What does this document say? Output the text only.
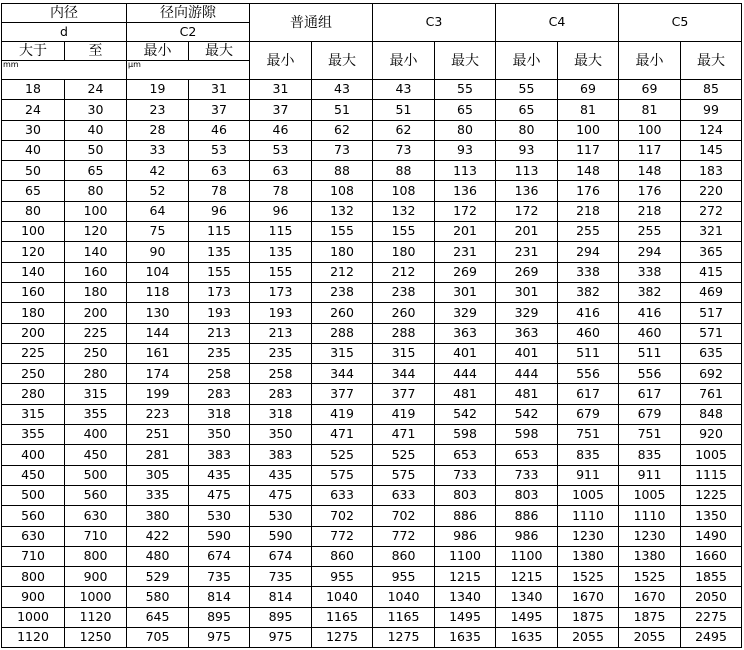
内径		径向游隙		普通组		C3		C4		C5	
d		C2									
大于	至	最小	最大	最小	最大	最小	最大	最小	最大	最小	最大
mm		μm									

18	24	19	31	31	43	43	55	55	69	69	85
24	30	23	37	37	51	51	65	65	81	81	99
30	40	28	46	46	62	62	80	80	100	100	124
40	50	33	53	53	73	73	93	93	117	117	145
50	65	42	63	63	88	88	113	113	148	148	183
65	80	52	78	78	108	108	136	136	176	176	220
80	100	64	96	96	132	132	172	172	218	218	272
100	120	75	115	115	155	155	201	201	255	255	321
120	140	90	135	135	180	180	231	231	294	294	365
140	160	104	155	155	212	212	269	269	338	338	415
160	180	118	173	173	238	238	301	301	382	382	469
180	200	130	193	193	260	260	329	329	416	416	517
200	225	144	213	213	288	288	363	363	460	460	571
225	250	161	235	235	315	315	401	401	511	511	635
250	280	174	258	258	344	344	444	444	556	556	692
280	315	199	283	283	377	377	481	481	617	617	761
315	355	223	318	318	419	419	542	542	679	679	848
355	400	251	350	350	471	471	598	598	751	751	920
400	450	281	383	383	525	525	653	653	835	835	1005
450	500	305	435	435	575	575	733	733	911	911	1115
500	560	335	475	475	633	633	803	803	1005	1005	1225
560	630	380	530	530	702	702	886	886	1110	1110	1350
630	710	422	590	590	772	772	986	986	1230	1230	1490
710	800	480	674	674	860	860	1100	1100	1380	1380	1660
800	900	529	735	735	955	955	1215	1215	1525	1525	1855
900	1000	580	814	814	1040	1040	1340	1340	1670	1670	2050
1000	1120	645	895	895	1165	1165	1495	1495	1875	1875	2275
1120	1250	705	975	975	1275	1275	1635	1635	2055	2055	2495
